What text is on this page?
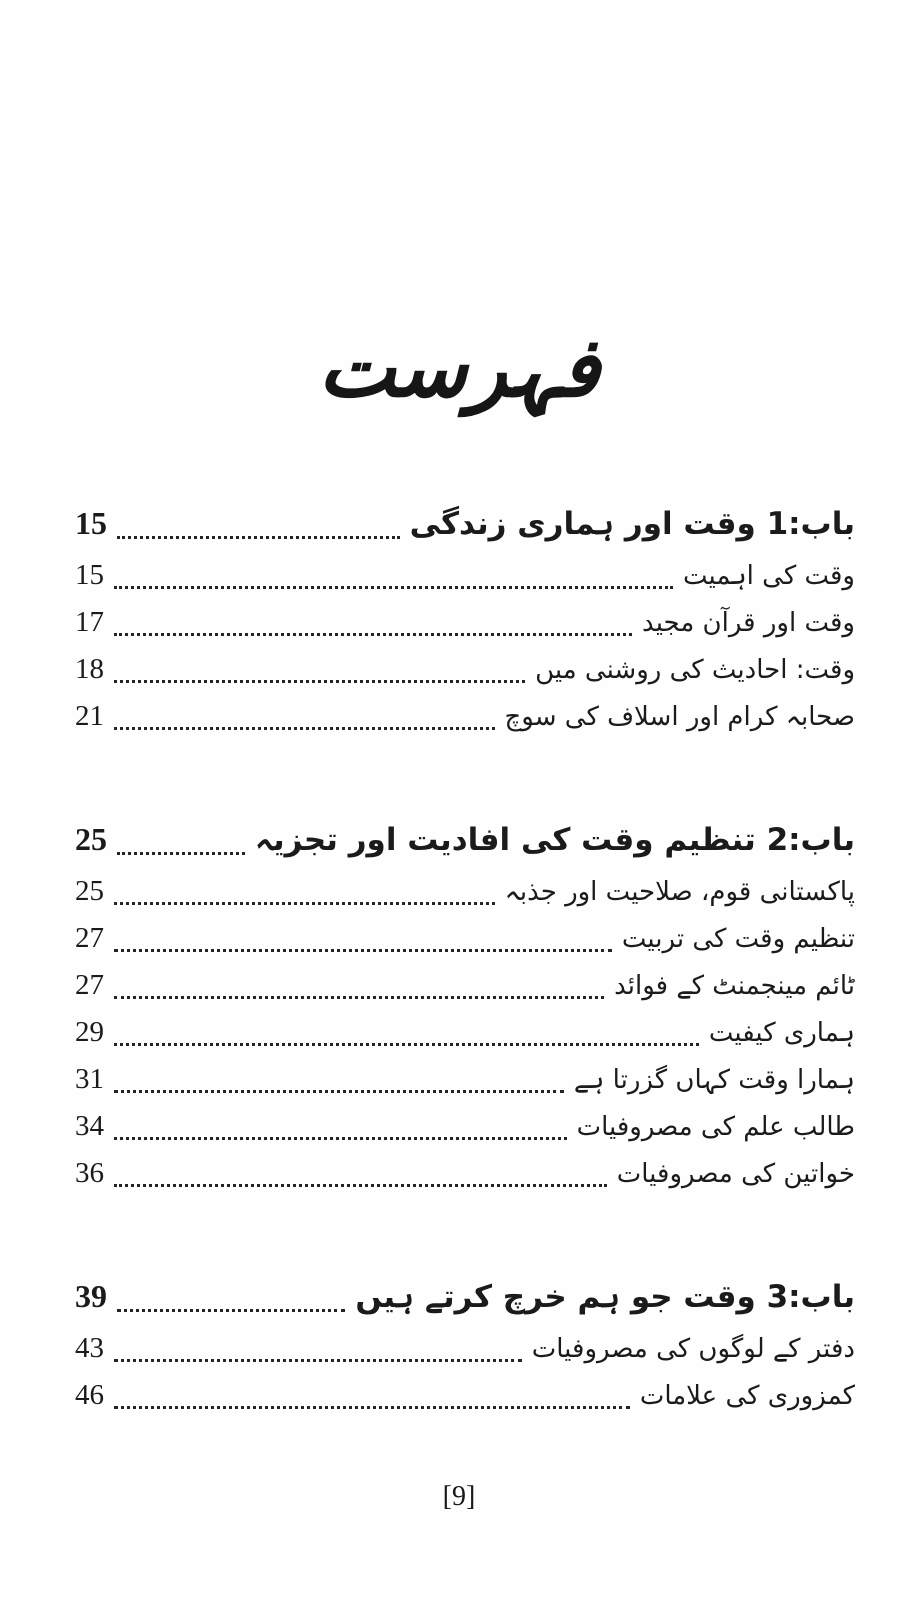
فہرست
باب:1 وقت اور ہماری زندگی
15
وقت کی اہمیت
15
وقت اور قرآن مجید
17
وقت: احادیث کی روشنی میں
18
صحابہ کرام اور اسلاف کی سوچ
21
باب:2 تنظیم وقت کی افادیت اور تجزیہ
25
پاکستانی قوم، صلاحیت اور جذبہ
25
تنظیم وقت کی تربیت
27
ٹائم مینجمنٹ کے فوائد
27
ہماری کیفیت
29
ہمارا وقت کہاں گزرتا ہے
31
طالب علم کی مصروفیات
34
خواتین کی مصروفیات
36
باب:3 وقت جو ہم خرچ کرتے ہیں
39
دفتر کے لوگوں کی مصروفیات
43
کمزوری کی علامات
46
[9]
